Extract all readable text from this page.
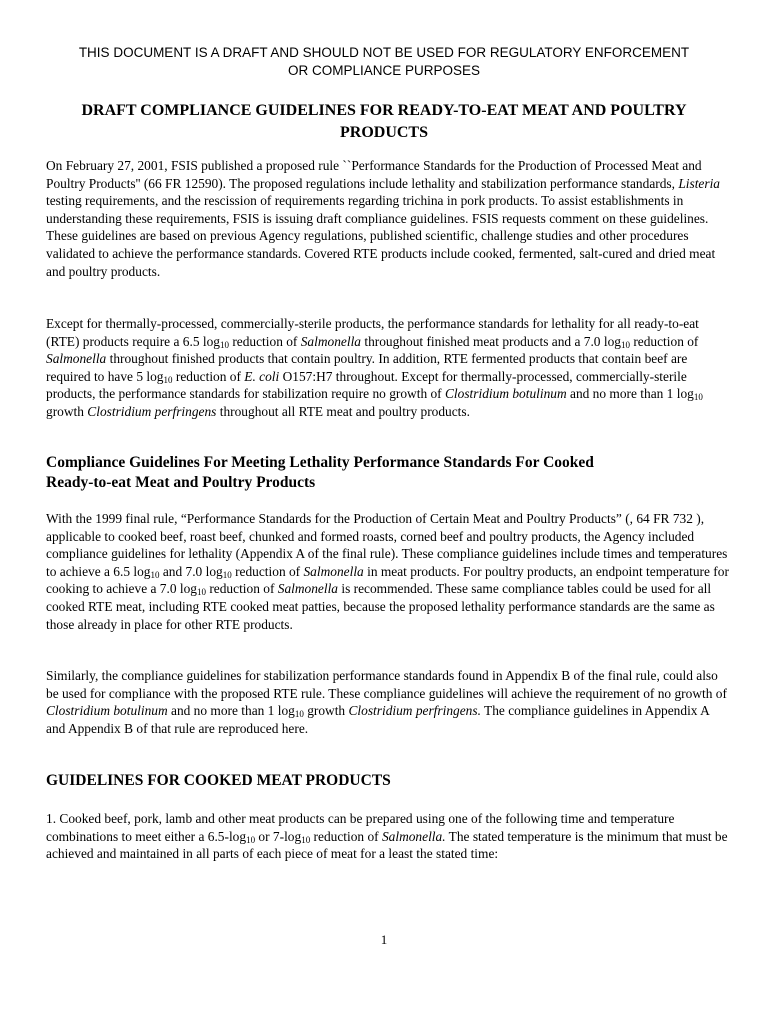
THIS DOCUMENT IS A DRAFT AND SHOULD NOT BE USED FOR REGULATORY ENFORCEMENT
OR COMPLIANCE PURPOSES
DRAFT COMPLIANCE GUIDELINES FOR READY-TO-EAT MEAT AND POULTRY
PRODUCTS

On February 27, 2001, FSIS published a proposed rule ``Performance Standards for the Production of Processed Meat and Poultry Products'' (66 FR 12590). The proposed regulations include lethality and stabilization performance standards, Listeria testing requirements, and the rescission of requirements regarding trichina in pork products. To assist establishments in understanding these requirements, FSIS is issuing draft compliance guidelines. FSIS requests comment on these guidelines. These guidelines are based on previous Agency regulations, published scientific, challenge studies and other procedures validated to achieve the performance standards. Covered RTE products include cooked, fermented, salt-cured and dried meat and poultry products.

Except for thermally-processed, commercially-sterile products, the performance standards for lethality for all ready-to-eat (RTE) products require a 6.5 $\log_{10}$ reduction of Salmonella throughout finished meat products and a 7.0 $\log_{10}$ reduction of Salmonella throughout finished products that contain poultry. In addition, RTE fermented products that contain beef are required to have 5 $\log_{10}$ reduction of E. coli O157:H7 throughout. Except for thermally-processed, commercially-sterile products, the performance standards for stabilization require no growth of Clostridium botulinum and no more than 1 $\log_{10}$ growth Clostridium perfringens throughout all RTE meat and poultry products.

Compliance Guidelines For Meeting Lethality Performance Standards For Cooked
Ready-to-eat Meat and Poultry Products

With the 1999 final rule, “Performance Standards for the Production of Certain Meat and Poultry Products” (, 64 FR 732 ), applicable to cooked beef, roast beef, chunked and formed roasts, corned beef and poultry products, the Agency included compliance guidelines for lethality (Appendix A of the final rule). These compliance guidelines include times and temperatures to achieve a 6.5 $\log_{10}$ and 7.0 $\log_{10}$ reduction of Salmonella in meat products. For poultry products, an endpoint temperature for cooking to achieve a 7.0 $\log_{10}$ reduction of Salmonella is recommended. These same compliance tables could be used for all cooked RTE meat, including RTE cooked meat patties, because the proposed lethality performance standards are the same as those already in place for other RTE products.

Similarly, the compliance guidelines for stabilization performance standards found in Appendix B of the final rule, could also be used for compliance with the proposed RTE rule. These compliance guidelines will achieve the requirement of no growth of Clostridium botulinum and no more than 1 $\log_{10}$ growth Clostridium perfringens. The compliance guidelines in Appendix A and Appendix B of that rule are reproduced here.

GUIDELINES FOR COOKED MEAT PRODUCTS

1. Cooked beef, pork, lamb and other meat products can be prepared using one of the following time and temperature combinations to meet either a $6.5-\log_{10}$ or $7-\log_{10}$ reduction of Salmonella. The stated temperature is the minimum that must be achieved and maintained in all parts of each piece of meat for a least the stated time:

1
